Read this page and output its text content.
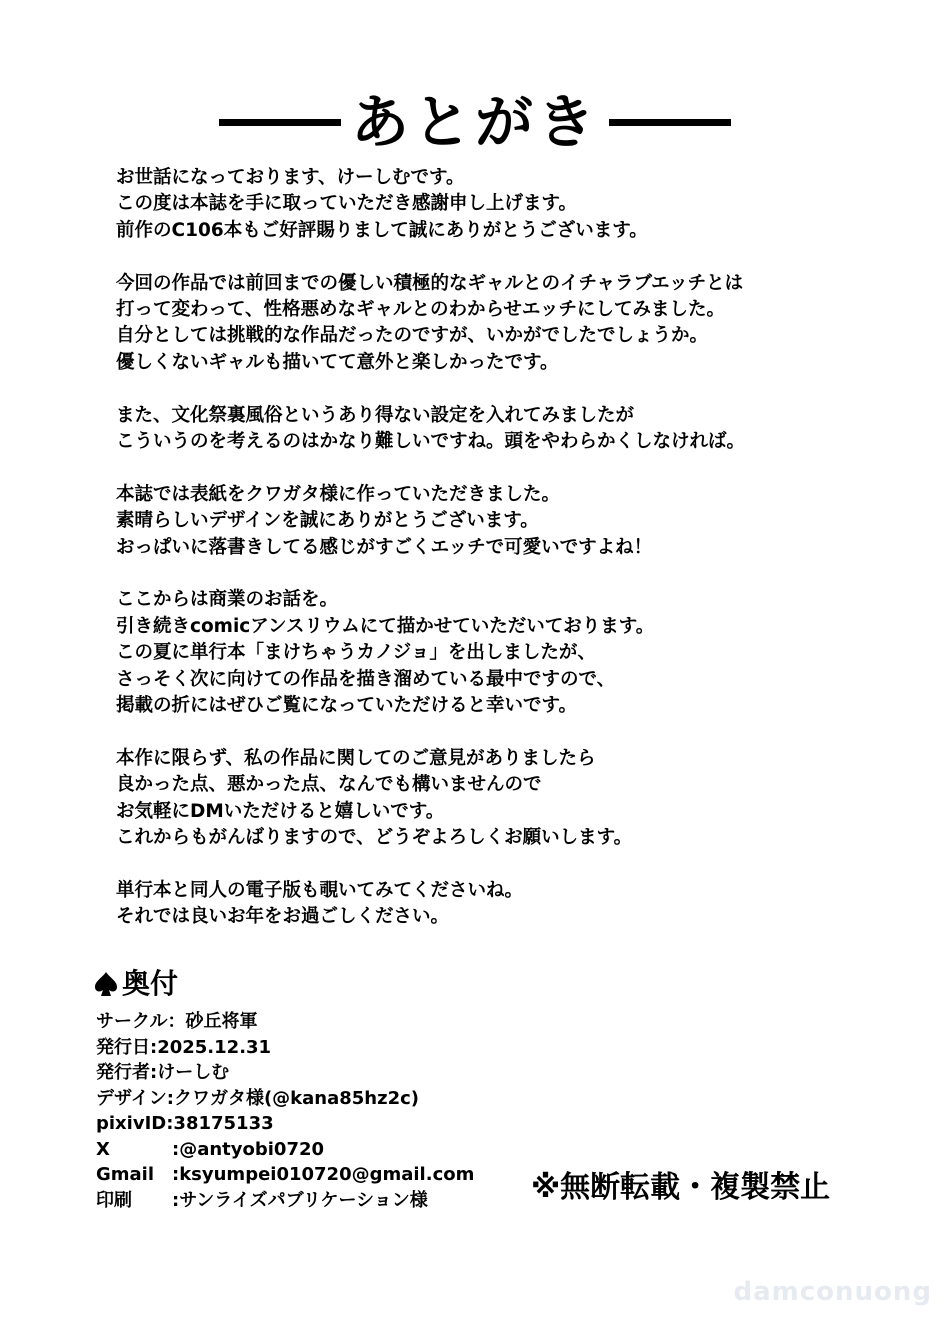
あとがき
お世話になっております、けーしむです。
この度は本誌を手に取っていただき感謝申し上げます。
前作のC106本もご好評賜りまして誠にありがとうございます。
今回の作品では前回までの優しい積極的なギャルとのイチャラブエッチとは
打って変わって、性格悪めなギャルとのわからせエッチにしてみました。
自分としては挑戦的な作品だったのですが、いかがでしたでしょうか。
優しくないギャルも描いてて意外と楽しかったです。
また、文化祭裏風俗というあり得ない設定を入れてみましたが
こういうのを考えるのはかなり難しいですね。頭をやわらかくしなければ。
本誌では表紙をクワガタ様に作っていただきました。
素晴らしいデザインを誠にありがとうございます。
おっぱいに落書きしてる感じがすごくエッチで可愛いですよね！
ここからは商業のお話を。
引き続きcomicアンスリウムにて描かせていただいております。
この夏に単行本「まけちゃうカノジョ」を出しましたが、
さっそく次に向けての作品を描き溜めている最中ですので、
掲載の折にはぜひご覧になっていただけると幸いです。
本作に限らず、私の作品に関してのご意見がありましたら
良かった点、悪かった点、なんでも構いませんので
お気軽にDMいただけると嬉しいです。
これからもがんばりますので、どうぞよろしくお願いします。
単行本と同人の電子版も覗いてみてくださいね。
それでは良いお年をお過ごしください。
奥付
サークル ： 砂丘将軍
発行日 : 2025.12.31
発行者 : けーしむ
デザイン : クワガタ様(@kana85hz2c)
pixivID : 38175133
X	: @antyobi0720
Gmail : ksyumpei010720@gmail.com
印刷	: サンライズパブリケーション様	※無断転載・複製禁止
damconuong
